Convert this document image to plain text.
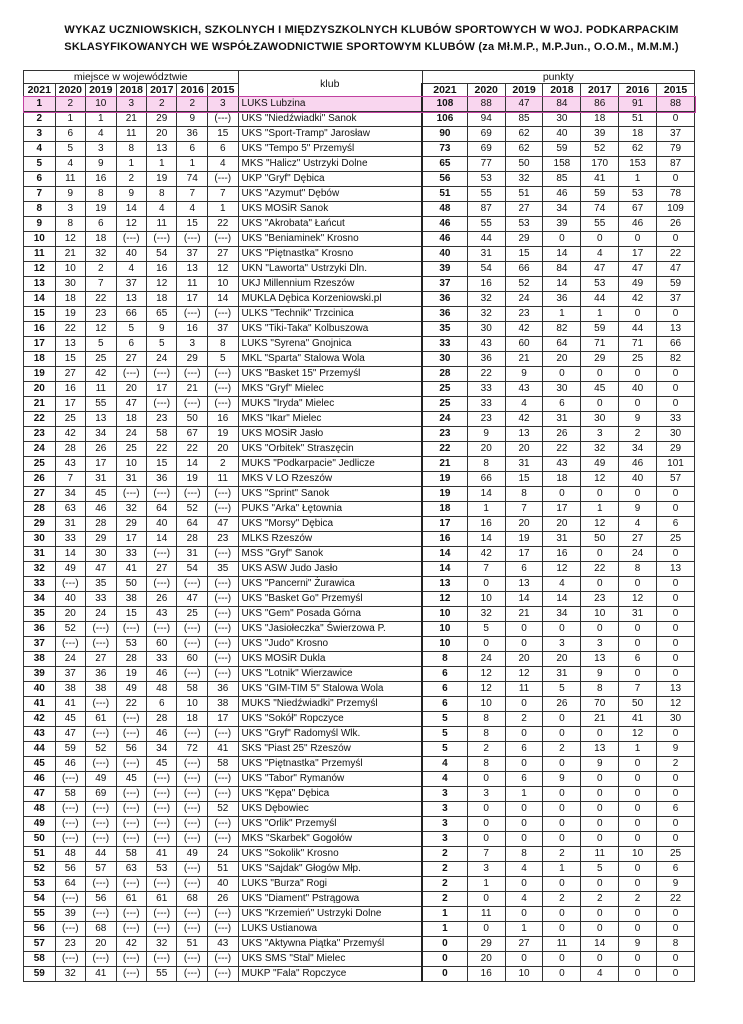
WYKAZ UCZNIOWSKICH, SZKOLNYCH I MIĘDZYSZKOLNYCH KLUBÓW SPORTOWYCH W WOJ. PODKARPACKIM
SKLASYFIKOWANYCH WE WSPÓŁZAWODNICTWIE SPORTOWYM KLUBÓW (za Mł.M.P., M.P.Jun., O.O.M., M.M.M.)
miejsce w województwie							klub	punkty						
2021	2020	2019	2018	2017	2016	2015		2021	2020	2019	2018	2017	2016	2015
1	2	10	3	2	2	3	LUKS Lubzina	108	88	47	84	86	91	88
2	1	1	21	29	9	(---)	UKS "Niedźwiadki" Sanok	106	94	85	30	18	51	0
3	6	4	11	20	36	15	UKS "Sport-Tramp" Jarosław	90	69	62	40	39	18	37
4	5	3	8	13	6	6	UKS "Tempo 5" Przemyśl	73	69	62	59	52	62	79
5	4	9	1	1	1	4	MKS "Halicz" Ustrzyki Dolne	65	77	50	158	170	153	87
6	11	16	2	19	74	(---)	UKP "Gryf" Dębica	56	53	32	85	41	1	0
7	9	8	9	8	7	7	UKS "Azymut" Dębów	51	55	51	46	59	53	78
8	3	19	14	4	4	1	UKS MOSiR Sanok	48	87	27	34	74	67	109
9	8	6	12	11	15	22	UKS "Akrobata" Łańcut	46	55	53	39	55	46	26
10	12	18	(---)	(---)	(---)	(---)	UKS "Beniaminek" Krosno	46	44	29	0	0	0	0
11	21	32	40	54	37	27	UKS "Piętnastka" Krosno	40	31	15	14	4	17	22
12	10	2	4	16	13	12	UKN "Laworta" Ustrzyki Dln.	39	54	66	84	47	47	47
13	30	7	37	12	11	10	UKJ Millennium Rzeszów	37	16	52	14	53	49	59
14	18	22	13	18	17	14	MUKLA Dębica Korzeniowski.pl	36	32	24	36	44	42	37
15	19	23	66	65	(---)	(---)	ULKS "Technik" Trzcinica	36	32	23	1	1	0	0
16	22	12	5	9	16	37	UKS "Tiki-Taka" Kolbuszowa	35	30	42	82	59	44	13
17	13	5	6	5	3	8	LUKS "Syrena" Gnojnica	33	43	60	64	71	71	66
18	15	25	27	24	29	5	MKL "Sparta" Stalowa Wola	30	36	21	20	29	25	82
19	27	42	(---)	(---)	(---)	(---)	UKS "Basket 15" Przemyśl	28	22	9	0	0	0	0
20	16	11	20	17	21	(---)	MKS "Gryf" Mielec	25	33	43	30	45	40	0
21	17	55	47	(---)	(---)	(---)	MUKS "Iryda" Mielec	25	33	4	6	0	0	0
22	25	13	18	23	50	16	MKS "Ikar" Mielec	24	23	42	31	30	9	33
23	42	34	24	58	67	19	UKS MOSiR Jasło	23	9	13	26	3	2	30
24	28	26	25	22	22	20	UKS "Orbitek" Straszęcin	22	20	20	22	32	34	29
25	43	17	10	15	14	2	MUKS "Podkarpacie" Jedlicze	21	8	31	43	49	46	101
26	7	31	31	36	19	11	MKS V LO Rzeszów	19	66	15	18	12	40	57
27	34	45	(---)	(---)	(---)	(---)	UKS "Sprint" Sanok	19	14	8	0	0	0	0
28	63	46	32	64	52	(---)	PUKS "Arka" Łętownia	18	1	7	17	1	9	0
29	31	28	29	40	64	47	UKS "Morsy" Dębica	17	16	20	20	12	4	6
30	33	29	17	14	28	23	MLKS Rzeszów	16	14	19	31	50	27	25
31	14	30	33	(---)	31	(---)	MSS "Gryf" Sanok	14	42	17	16	0	24	0
32	49	47	41	27	54	35	UKS ASW Judo Jasło	14	7	6	12	22	8	13
33	(---)	35	50	(---)	(---)	(---)	UKS "Pancerni" Żurawica	13	0	13	4	0	0	0
34	40	33	38	26	47	(---)	UKS "Basket Go" Przemyśl	12	10	14	14	23	12	0
35	20	24	15	43	25	(---)	UKS "Gem" Posada Górna	10	32	21	34	10	31	0
36	52	(---)	(---)	(---)	(---)	(---)	UKS "Jasiołeczka" Świerzowa P.	10	5	0	0	0	0	0
37	(---)	(---)	53	60	(---)	(---)	UKS "Judo" Krosno	10	0	0	3	3	0	0
38	24	27	28	33	60	(---)	UKS MOSiR Dukla	8	24	20	20	13	6	0
39	37	36	19	46	(---)	(---)	UKS "Lotnik" Wierzawice	6	12	12	31	9	0	0
40	38	38	49	48	58	36	UKS "GIM-TIM 5" Stalowa Wola	6	12	11	5	8	7	13
41	41	(---)	22	6	10	38	MUKS "Niedźwiadki" Przemyśl	6	10	0	26	70	50	12
42	45	61	(---)	28	18	17	UKS "Sokół" Ropczyce	5	8	2	0	21	41	30
43	47	(---)	(---)	46	(---)	(---)	UKS "Gryf" Radomyśl Wlk.	5	8	0	0	0	12	0
44	59	52	56	34	72	41	SKS "Piast 25" Rzeszów	5	2	6	2	13	1	9
45	46	(---)	(---)	45	(---)	58	UKS "Piętnastka" Przemyśl	4	8	0	0	9	0	2
46	(---)	49	45	(---)	(---)	(---)	UKS "Tabor" Rymanów	4	0	6	9	0	0	0
47	58	69	(---)	(---)	(---)	(---)	UKS "Kępa" Dębica	3	3	1	0	0	0	0
48	(---)	(---)	(---)	(---)	(---)	52	UKS Dębowiec	3	0	0	0	0	0	6
49	(---)	(---)	(---)	(---)	(---)	(---)	UKS "Orlik" Przemyśl	3	0	0	0	0	0	0
50	(---)	(---)	(---)	(---)	(---)	(---)	MKS "Skarbek" Gogołów	3	0	0	0	0	0	0
51	48	44	58	41	49	24	UKS "Sokolik" Krosno	2	7	8	2	11	10	25
52	56	57	63	53	(---)	51	UKS "Sajdak" Głogów Młp.	2	3	4	1	5	0	6
53	64	(---)	(---)	(---)	(---)	40	LUKS "Burza" Rogi	2	1	0	0	0	0	9
54	(---)	56	61	61	68	26	UKS "Diament" Pstrągowa	2	0	4	2	2	2	22
55	39	(---)	(---)	(---)	(---)	(---)	UKS "Krzemień" Ustrzyki Dolne	1	11	0	0	0	0	0
56	(---)	68	(---)	(---)	(---)	(---)	LUKS Ustianowa	1	0	1	0	0	0	0
57	23	20	42	32	51	43	UKS "Aktywna Piątka" Przemyśl	0	29	27	11	14	9	8
58	(---)	(---)	(---)	(---)	(---)	(---)	UKS SMS "Stal" Mielec	0	20	0	0	0	0	0
59	32	41	(---)	55	(---)	(---)	MUKP "Fala" Ropczyce	0	16	10	0	4	0	0
